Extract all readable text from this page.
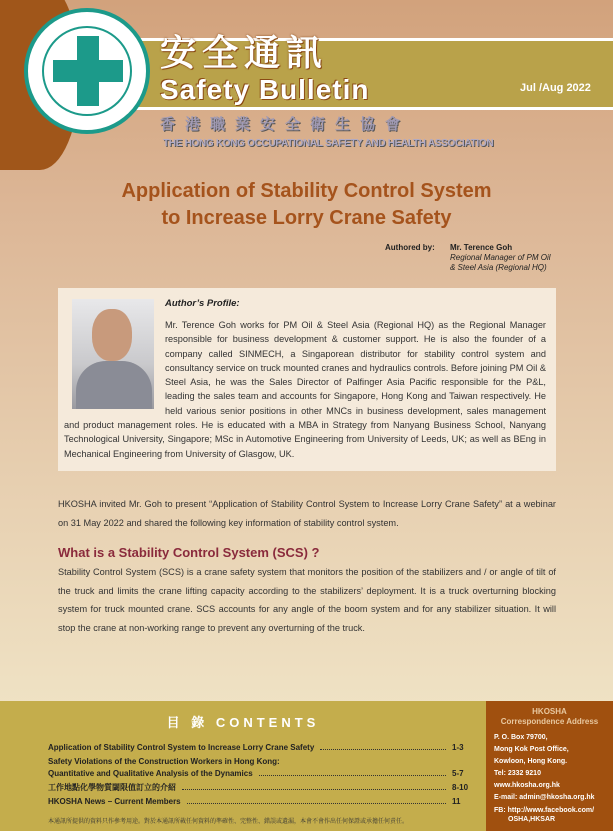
安全通訊
Safety Bulletin	Jul /Aug 2022
香港職業安全衛生協會
THE HONG KONG OCCUPATIONAL SAFETY AND HEALTH ASSOCIATION
Application of Stability Control System
to Increase Lorry Crane Safety
Authored by: Mr. Terence Goh
Regional Manager of PM Oil
& Steel Asia (Regional HQ)
Author’s Profile:
Mr. Terence Goh works for PM Oil & Steel Asia (Regional HQ) as the Regional Manager responsible for business development & customer support. He is also the founder of a company called SINMECH, a Singaporean distributor for stability control system and consultancy service on truck mounted cranes and hydraulics controls. Before joining PM Oil & Steel Asia, he was the Sales Director of Palfinger Asia Pacific responsible for the P&L, leading the sales team and accounts for Singapore, Hong Kong and Taiwan respectively. He held various senior positions in other MNCs in business development, sales management and product management roles. He is educated with a MBA in Strategy from Nanyang Business School, Nanyang Technological University, Singapore; MSc in Automotive Engineering from University of Leeds, UK; as well as BEng in Mechanical Engineering from University of Glasgow, UK.
HKOSHA invited Mr. Goh to present “Application of Stability Control System to Increase Lorry Crane Safety” at a webinar on 31 May 2022 and shared the following key information of stability control system.
What is a Stability Control System (SCS) ?
Stability Control System (SCS) is a crane safety system that monitors the position of the stabilizers and / or angle of tilt of the truck and limits the crane lifting capacity according to the stabilizers’ deployment. It is a truck overturning blocking system for truck mounted crane. SCS accounts for any angle of the boom system and for any stabilizer situation. It will stop the crane at non-working range to prevent any overturning of the truck.
目 錄 CONTENTS
Application of Stability Control System to Increase Lorry Crane Safety	1-3
Safety Violations of the Construction Workers in Hong Kong:
Quantitative and Qualitative Analysis of the Dynamics	5-7
工作地點化學物質閾限值訂立的介紹	8-10
HKOSHA News – Current Members	11
本通訊所提供的資料只作參考用途。對於本通訊所載任何資料的準確性、完整性、錯誤或遺漏，本會不會作出任何保證或承擔任何責任。
HKOSHA
Correspondence Address
P. O. Box 79700,
Mong Kok Post Office,
Kowloon, Hong Kong.
Tel: 2332 9210
www.hkosha.org.hk
E-mail: admin@hkosha.org.hk
FB: http://www.facebook.com/
OSHA,HKSAR
